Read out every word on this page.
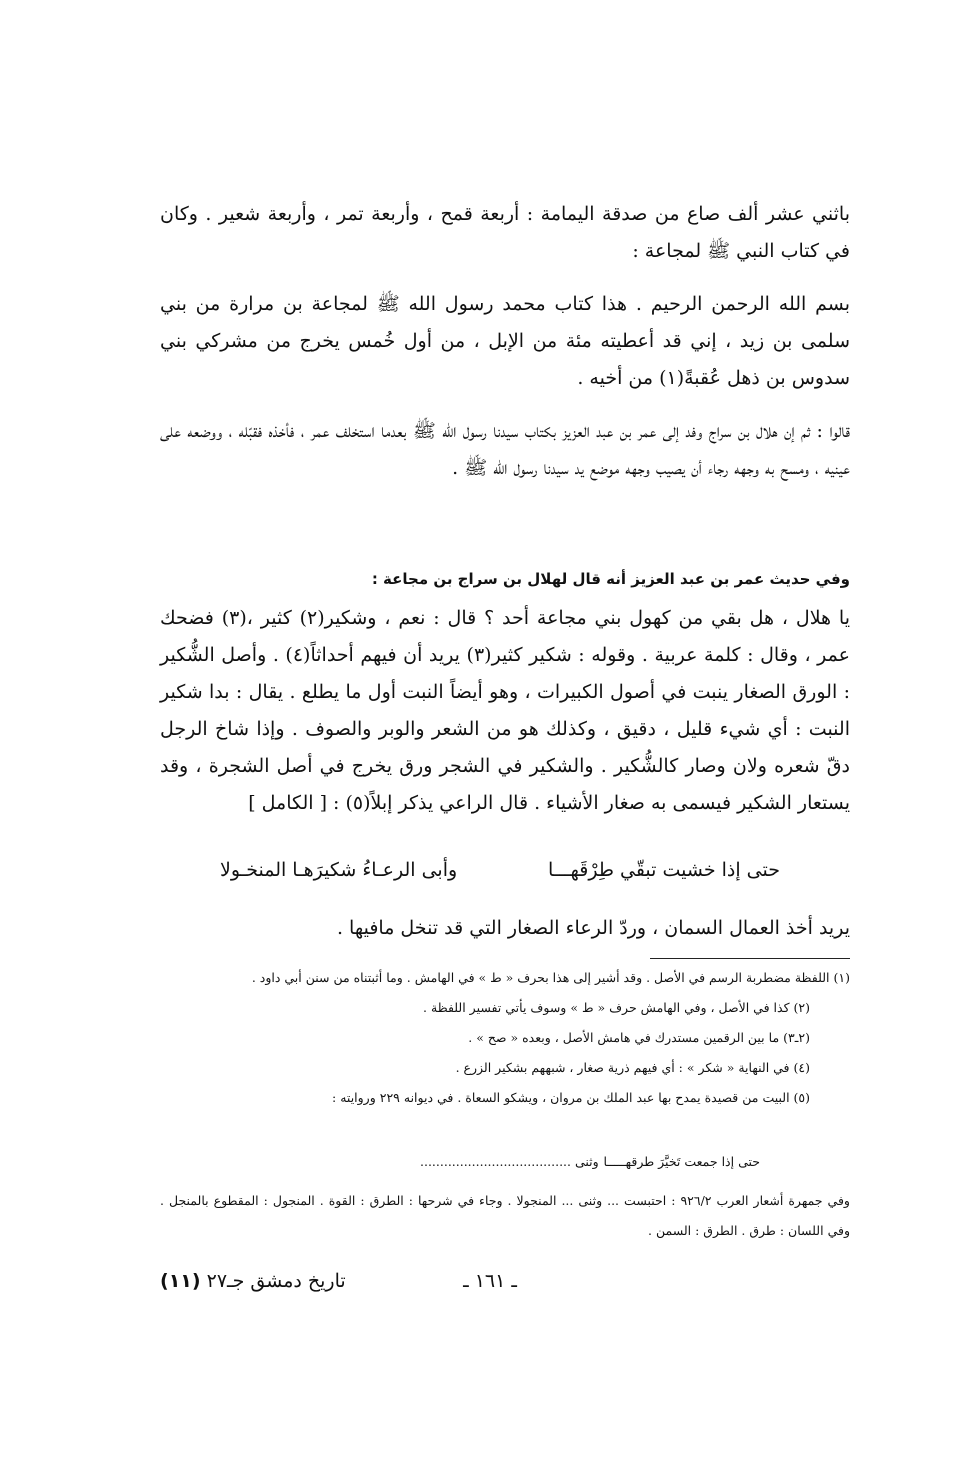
باثني عشر ألف صاع من صدقة اليمامة : أربعة قمح ، وأربعة تمر ، وأربعة شعير . وكان في كتاب النبي ﷺ لمجاعة :

بسم الله الرحمن الرحيم . هذا كتاب محمد رسول الله ﷺ لمجاعة بن مرارة من بني سلمى بن زيد ، إني قد أعطيته مئة من الإبل ، من أول خُمس يخرج من مشركي بني سدوس بن ذهل عُقبةً(١) من أخيه .

قالوا : ثم إن هلال بن سراج وفد إلى عمر بن عبد العزيز بكتاب سيدنا رسول الله ﷺ بعدما استخلف عمر ، فأخذه فقبّله ، ووضعه على عينيه ، ومسح به وجهه رجاء أن يصيب وجهه موضع يد سيدنا رسول الله ﷺ .

وفي حديث عمر بن عبد العزيز أنه قال لهلال بن سراج بن مجاعة :

يا هلال ، هل بقي من كهول بني مجاعة أحد ؟ قال : نعم ، وشكير(٢) كثير ،(٣) فضحك عمر ، وقال : كلمة عربية . وقوله : شكير كثير(٣) يريد أن فيهم أحداثاً(٤) . وأصل الشُّكير : الورق الصغار ينبت في أصول الكبيرات ، وهو أيضاً النبت أول ما يطلع . يقال : بدا شكير النبت : أي شيء قليل ، دقيق ، وكذلك هو من الشعر والوبر والصوف . وإذا شاخ الرجل دقّ شعره ولان وصار كالشُّكير . والشكير في الشجر ورق يخرج في أصل الشجرة ، وقد يستعار الشكير فيسمى به صغار الأشياء . قال الراعي يذكر إبلاً(٥) : [ الكامل ]

حتى إذا خشيت تبقّي طِرْقَهـــا
وأبى الرعـاءُ شكيرَهـا المنخـولا

يريد أخذ العمال السمان ، وردّ الرعاء الصغار التي قد تنخل مافيها .

(١) اللفظة مضطربة الرسم في الأصل . وقد أشير إلى هذا بحرف « ط » في الهامش . وما أثبتناه من سنن أبي داود .

(٢) كذا في الأصل ، وفي الهامش حرف « ط » وسوف يأتي تفسير اللفظة .

(٢ـ٣) ما بين الرقمين مستدرك في هامش الأصل ، وبعده « صح » .

(٤) في النهاية « شكر » : أي فيهم ذرية صغار ، شبههم بشكير الزرع .

(٥) البيت من قصيدة يمدح بها عبد الملك بن مروان ، ويشكو السعاة . في ديوانه ٢٢٩ وروايته :

حتى إذا جمعت تَخيَّرَ طرقهـــــا
وثنى ......................................

وفي جمهرة أشعار العرب ٩٢٦/٢ : احتبست ... وثنى ... المنجولا . وجاء في شرحها : الطرق : القوة . المنجول : المقطوع بالمنجل . وفي اللسان : طرق . الطرق : السمن .

ـ ١٦١ ـ
تاريخ دمشق جـ٢٧ (١١)
